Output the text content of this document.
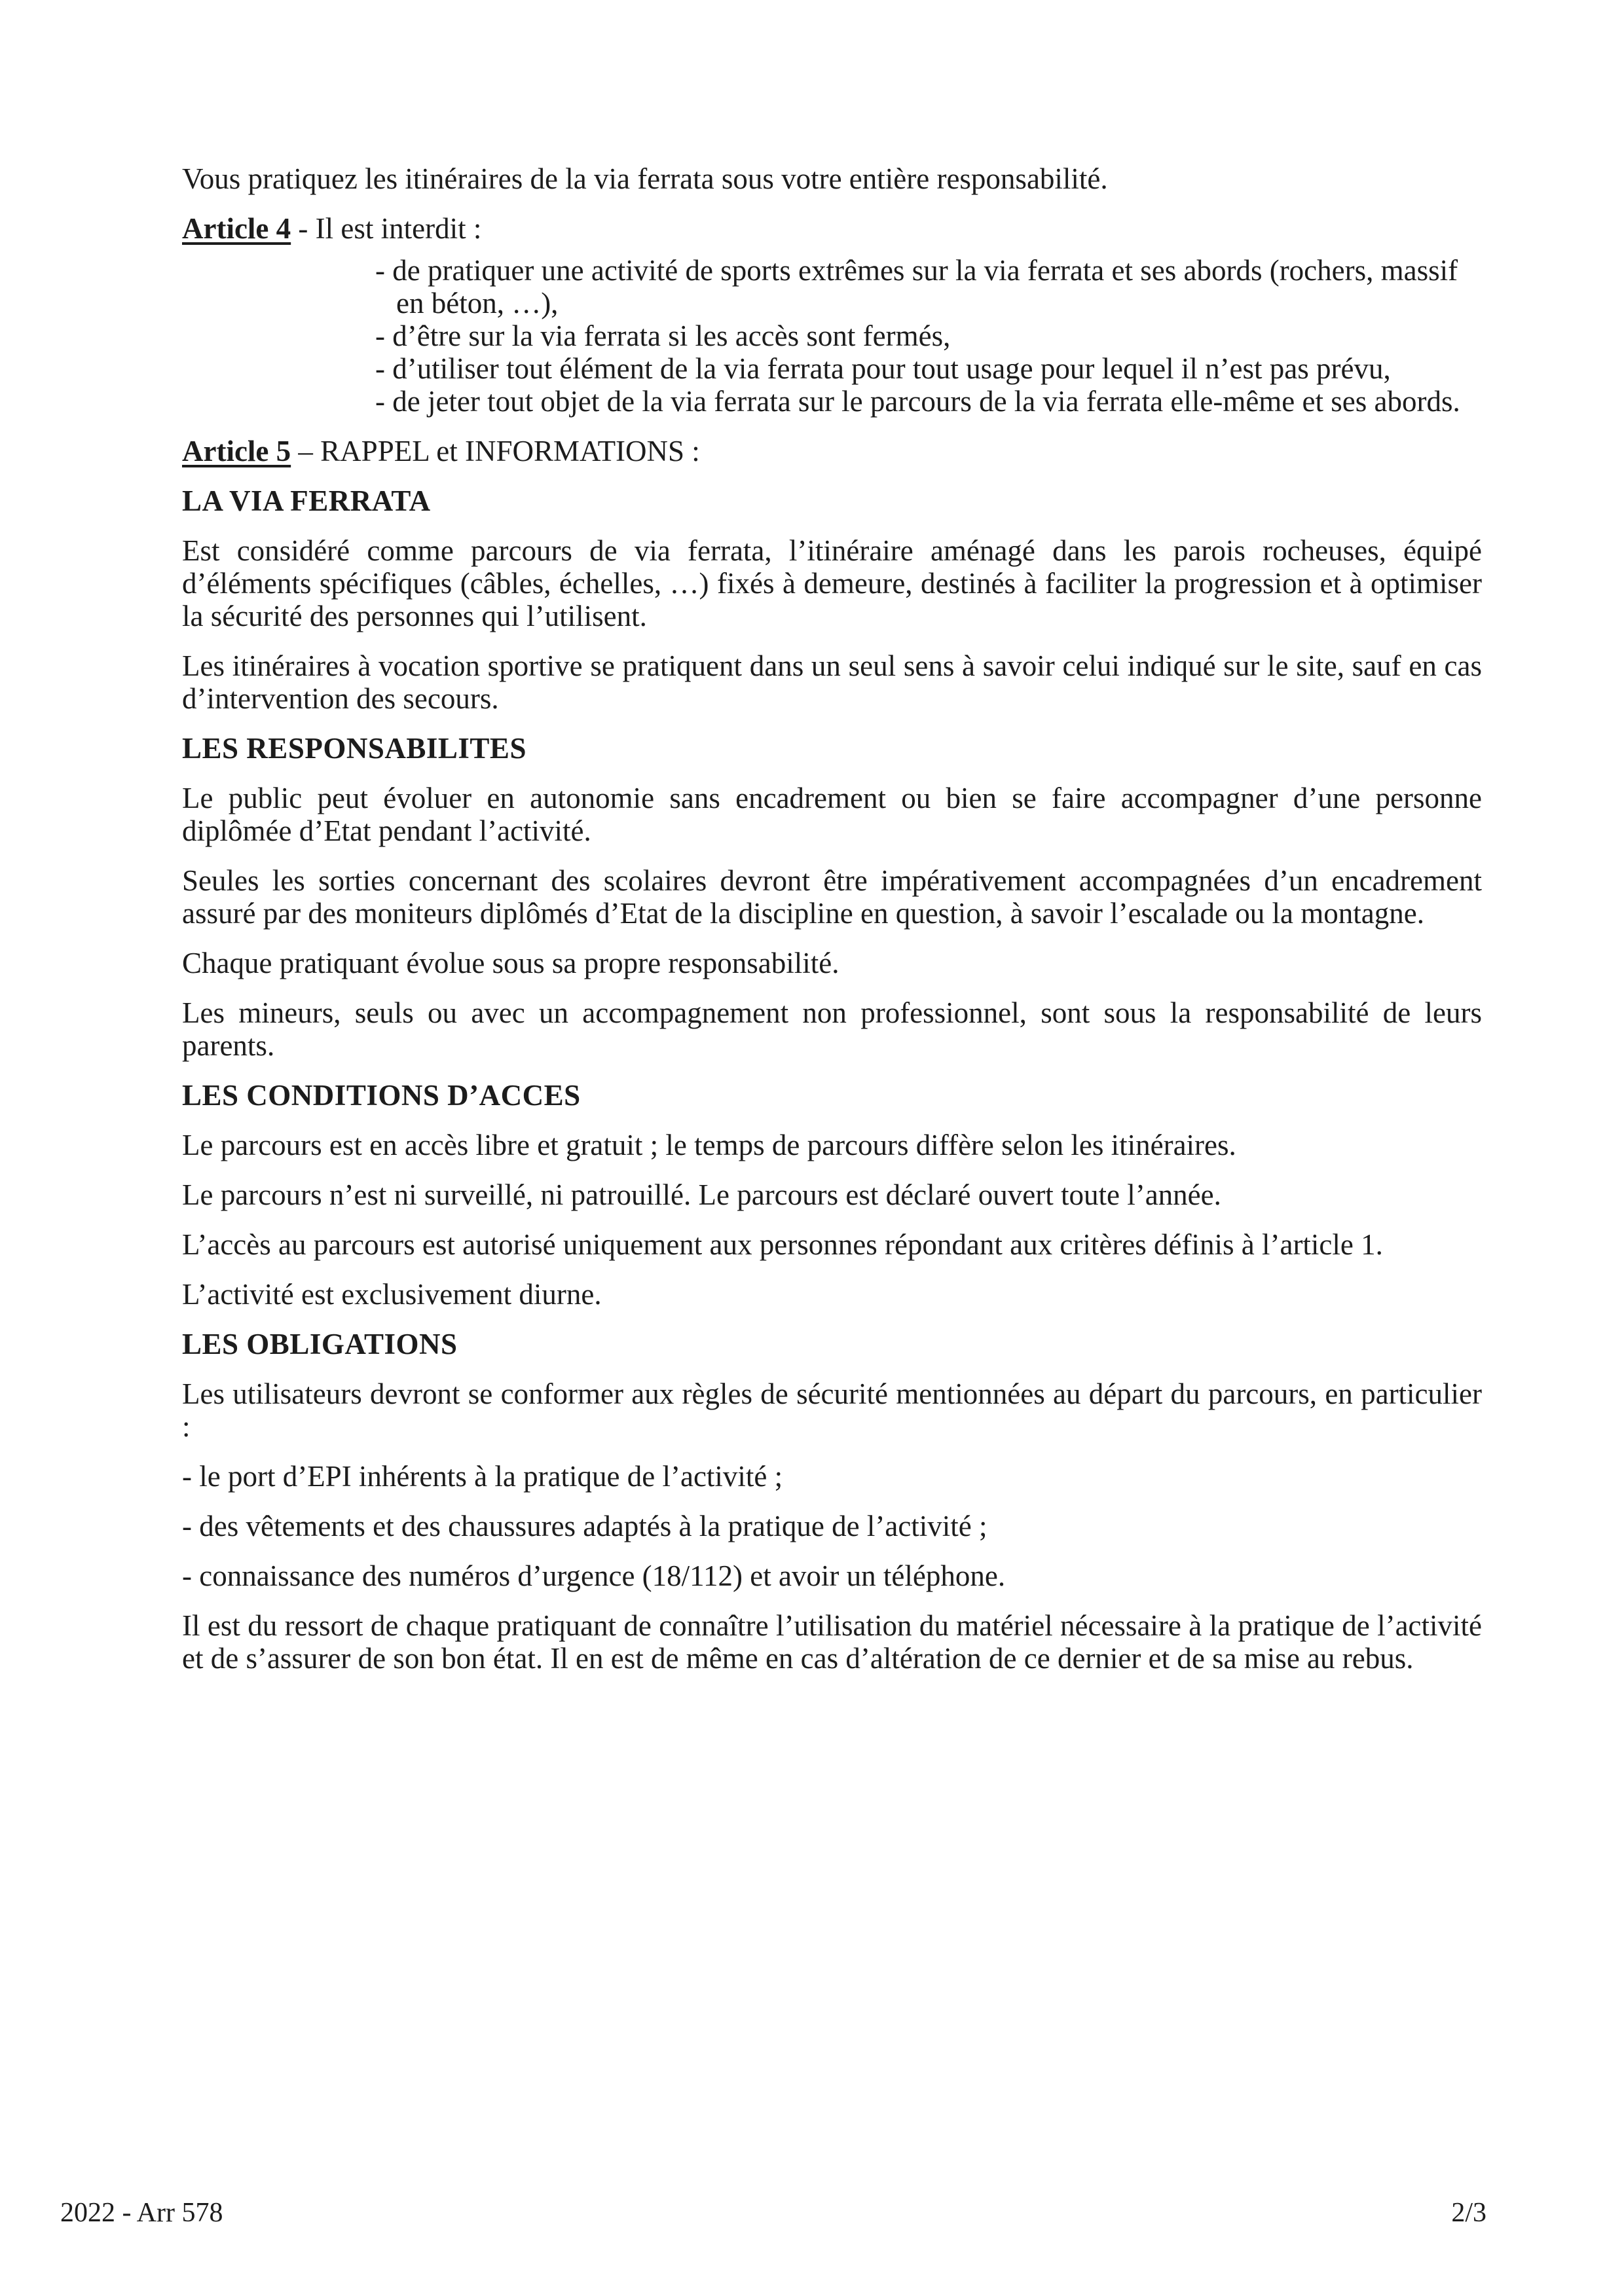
Vous pratiquez les itinéraires de la via ferrata sous votre entière responsabilité.

Article 4 - Il est interdit :

- de pratiquer une activité de sports extrêmes sur la via ferrata et ses abords (rochers, massif en béton, …),
- d’être sur la via ferrata si les accès sont fermés,
- d’utiliser tout élément de la via ferrata pour tout usage pour lequel il n’est pas prévu,
- de jeter tout objet de la via ferrata sur le parcours de la via ferrata elle-même et ses abords.

Article 5 – RAPPEL et INFORMATIONS :

LA VIA FERRATA

Est considéré comme parcours de via ferrata, l’itinéraire aménagé dans les parois rocheuses, équipé d’éléments spécifiques (câbles, échelles, …) fixés à demeure, destinés à faciliter la progression et à optimiser la sécurité des personnes qui l’utilisent.

Les itinéraires à vocation sportive se pratiquent dans un seul sens à savoir celui indiqué sur le site, sauf en cas d’intervention des secours.

LES RESPONSABILITES

Le public peut évoluer en autonomie sans encadrement ou bien se faire accompagner d’une personne diplômée d’Etat pendant l’activité.

Seules les sorties concernant des scolaires devront être impérativement accompagnées d’un encadrement assuré par des moniteurs diplômés d’Etat de la discipline en question, à savoir l’escalade ou la montagne.

Chaque pratiquant évolue sous sa propre responsabilité.

Les mineurs, seuls ou avec un accompagnement non professionnel, sont sous la responsabilité de leurs parents.

LES CONDITIONS D’ACCES

Le parcours est en accès libre et gratuit ; le temps de parcours diffère selon les itinéraires.

Le parcours n’est ni surveillé, ni patrouillé. Le parcours est déclaré ouvert toute l’année.

L’accès au parcours est autorisé uniquement aux personnes répondant aux critères définis à l’article 1.

L’activité est exclusivement diurne.

LES OBLIGATIONS

Les utilisateurs devront se conformer aux règles de sécurité mentionnées au départ du parcours, en particulier :

- le port d’EPI inhérents à la pratique de l’activité ;

- des vêtements et des chaussures adaptés à la pratique de l’activité ;

- connaissance des numéros d’urgence (18/112) et avoir un téléphone.

Il est du ressort de chaque pratiquant de connaître l’utilisation du matériel nécessaire à la pratique de l’activité et de s’assurer de son bon état. Il en est de même en cas d’altération de ce dernier et de sa mise au rebus.

2022 - Arr 578	2/3
